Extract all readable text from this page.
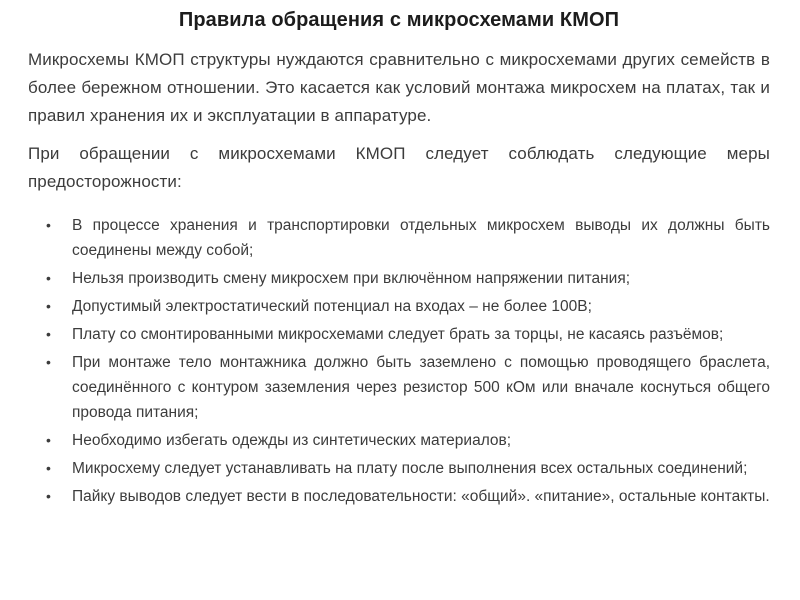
Правила обращения с микросхемами КМОП

Микросхемы КМОП структуры нуждаются сравнительно с микросхемами других семейств в более бережном отношении. Это касается как условий монтажа микросхем на платах, так и правил хранения их и эксплуатации в аппаратуре.

При обращении с микросхемами КМОП следует соблюдать следующие меры предосторожности:

•
В процессе хранения и транспортировки отдельных микросхем выводы их должны быть соединены между собой;
•
Нельзя производить смену микросхем при включённом напряжении питания;
•
Допустимый электростатический потенциал на входах – не более 100В;
•
Плату со смонтированными микросхемами следует брать за торцы, не касаясь разъёмов;
•
При монтаже тело монтажника должно быть заземлено с помощью проводящего браслета, соединённого с контуром заземления через резистор 500 кОм или вначале коснуться общего провода питания;
•
Необходимо избегать одежды из синтетических материалов;
•
Микросхему следует устанавливать на плату после выполнения всех остальных соединений;
•
Пайку выводов следует вести в последовательности: «общий». «питание», остальные контакты.
